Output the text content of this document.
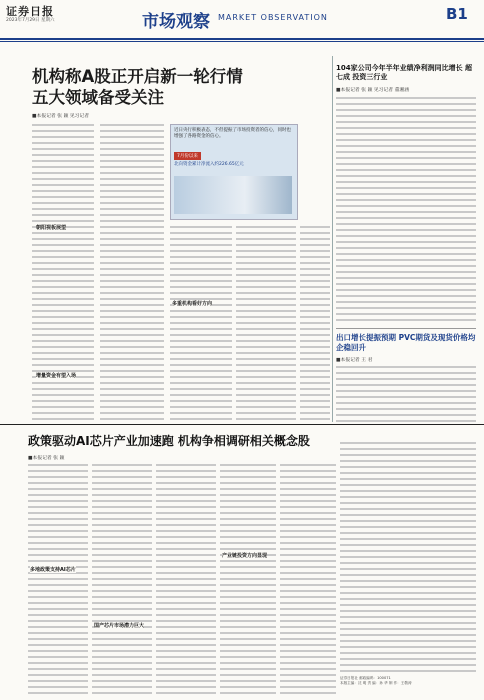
证券日报
2023年7月29日 星期六	市场观察 MARKET OBSERVATION	B1
机构称A股正开启新一轮行情
五大领域备受关注
■本报记者 张 颖 见习记者
朝阳视板展望
增量资金有望入场
近日央行积极表态，不但提振了市场投资者的信心，同时也增强了各路资金的信心。
7月份以来
北向资金累计净流入约226.65亿元
多重机构看好方向
104家公司今年半年业绩净利润同比增长 超七成 投资三行业
■本报记者 张 颖 见习记者 董湘涵
出口增长提振预期 PVC期货及现货价格均企稳回升
■本报记者 王 君
政策驱动AI芯片产业加速跑 机构争相调研相关概念股
■本报记者 张 颖
多地政策支持AI芯片
国产芯片市场潜力巨大
产业链投资方向显现
证券日报社 邮政编码：100071
本版主编：沈 明 责 编：孙 华 制 作：王敬涛
